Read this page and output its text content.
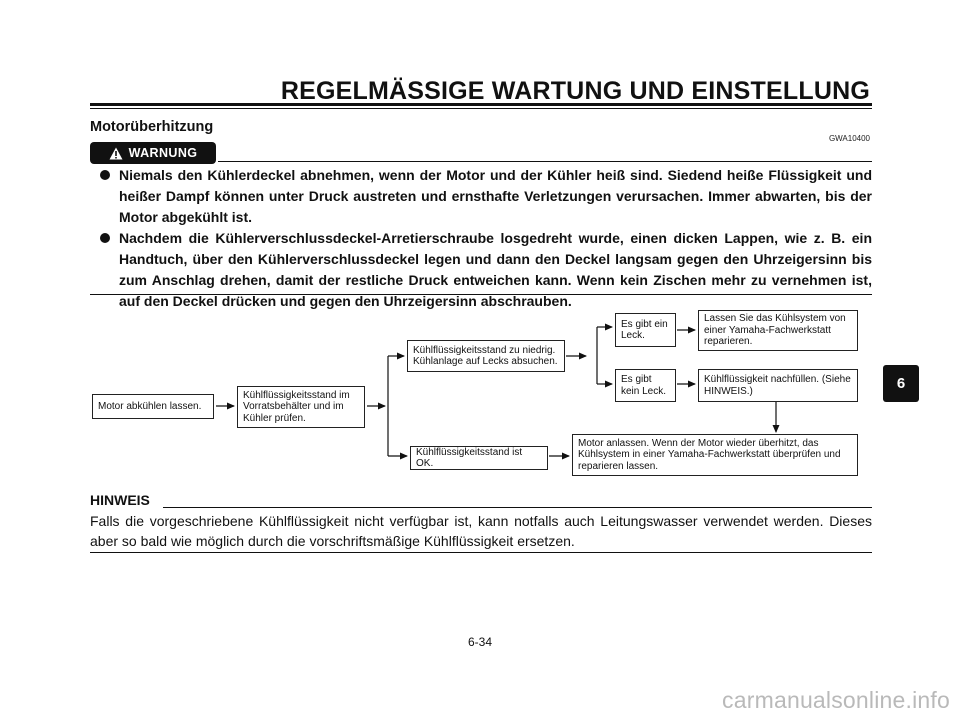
REGELMÄSSIGE WARTUNG UND EINSTELLUNG
Motorüberhitzung
GWA10400
WARNUNG
Niemals den Kühlerdeckel abnehmen, wenn der Motor und der Kühler heiß sind. Siedend heiße Flüssigkeit und heißer Dampf können unter Druck austreten und ernsthafte Verletzungen verursachen. Immer abwarten, bis der Motor abgekühlt ist.
Nachdem die Kühlerverschlussdeckel-Arretierschraube losgedreht wurde, einen dicken Lappen, wie z. B. ein Handtuch, über den Kühlerverschlussdeckel legen und dann den Deckel langsam gegen den Uhrzeigersinn bis zum Anschlag drehen, damit der restliche Druck entweichen kann. Wenn kein Zischen mehr zu vernehmen ist, auf den Deckel drücken und gegen den Uhrzeigersinn abschrauben.
Motor abkühlen lassen.
Kühlflüssigkeitsstand im Vorratsbehälter und im Kühler prüfen.
Kühlflüssigkeitsstand zu niedrig. Kühlanlage auf Lecks absuchen.
Kühlflüssigkeitsstand ist OK.
Es gibt ein Leck.
Es gibt kein Leck.
Lassen Sie das Kühlsystem von einer Yamaha-Fachwerkstatt reparieren.
Kühlflüssigkeit nachfüllen. (Siehe HINWEIS.)
Motor anlassen. Wenn der Motor wieder überhitzt, das Kühlsystem in einer Yamaha-Fachwerkstatt überprüfen und reparieren lassen.
HINWEIS
Falls die vorgeschriebene Kühlflüssigkeit nicht verfügbar ist, kann notfalls auch Leitungswasser verwendet werden. Dieses aber so bald wie möglich durch die vorschriftsmäßige Kühlflüssigkeit ersetzen.
6
6-34
carmanualsonline.info
